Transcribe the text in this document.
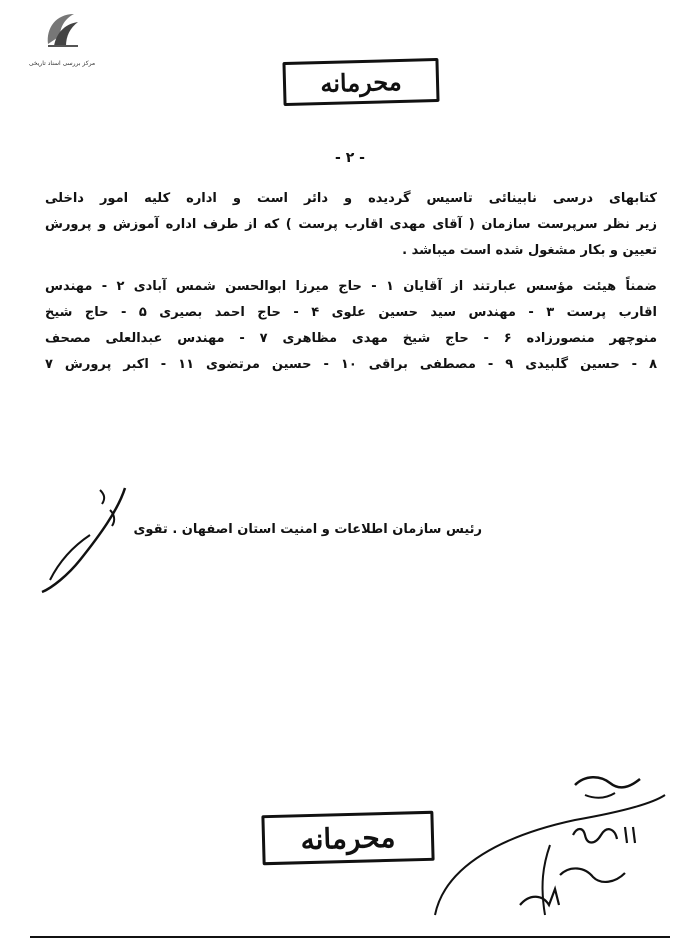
مرکز بررسی اسناد تاریخی
محرمانه
- ۲ -
کتابهای درسی نابینائی تاسیس گردیده و دائر است و اداره کلیه امور داخلی
زیر نظر سرپرست سازمان ( آقای مهدی اقارب پرست ) که از طرف اداره آموزش و پرورش
تعیین و بکار مشغول شده است میباشد .
ضمناً هیئت مؤسس عبارتند از آقایان ۱ - حاج میرزا ابوالحسن شمس آبادی ۲ - مهندس
اقارب پرست ۳ - مهندس سید حسین علوی ۴ - حاج احمد بصیری ۵ - حاج شیخ
منوچهر منصورزاده ۶ - حاج شیخ مهدی مظاهری ۷ - مهندس عبدالعلی مصحف
۸ - حسین گلبیدی ۹ - مصطفی براقی ۱۰ - حسین مرتضوی ۱۱ - اکبر پرورش ۷
رئیس سازمان اطلاعات و امنیت استان اصفهان . تقوی
محرمانه
